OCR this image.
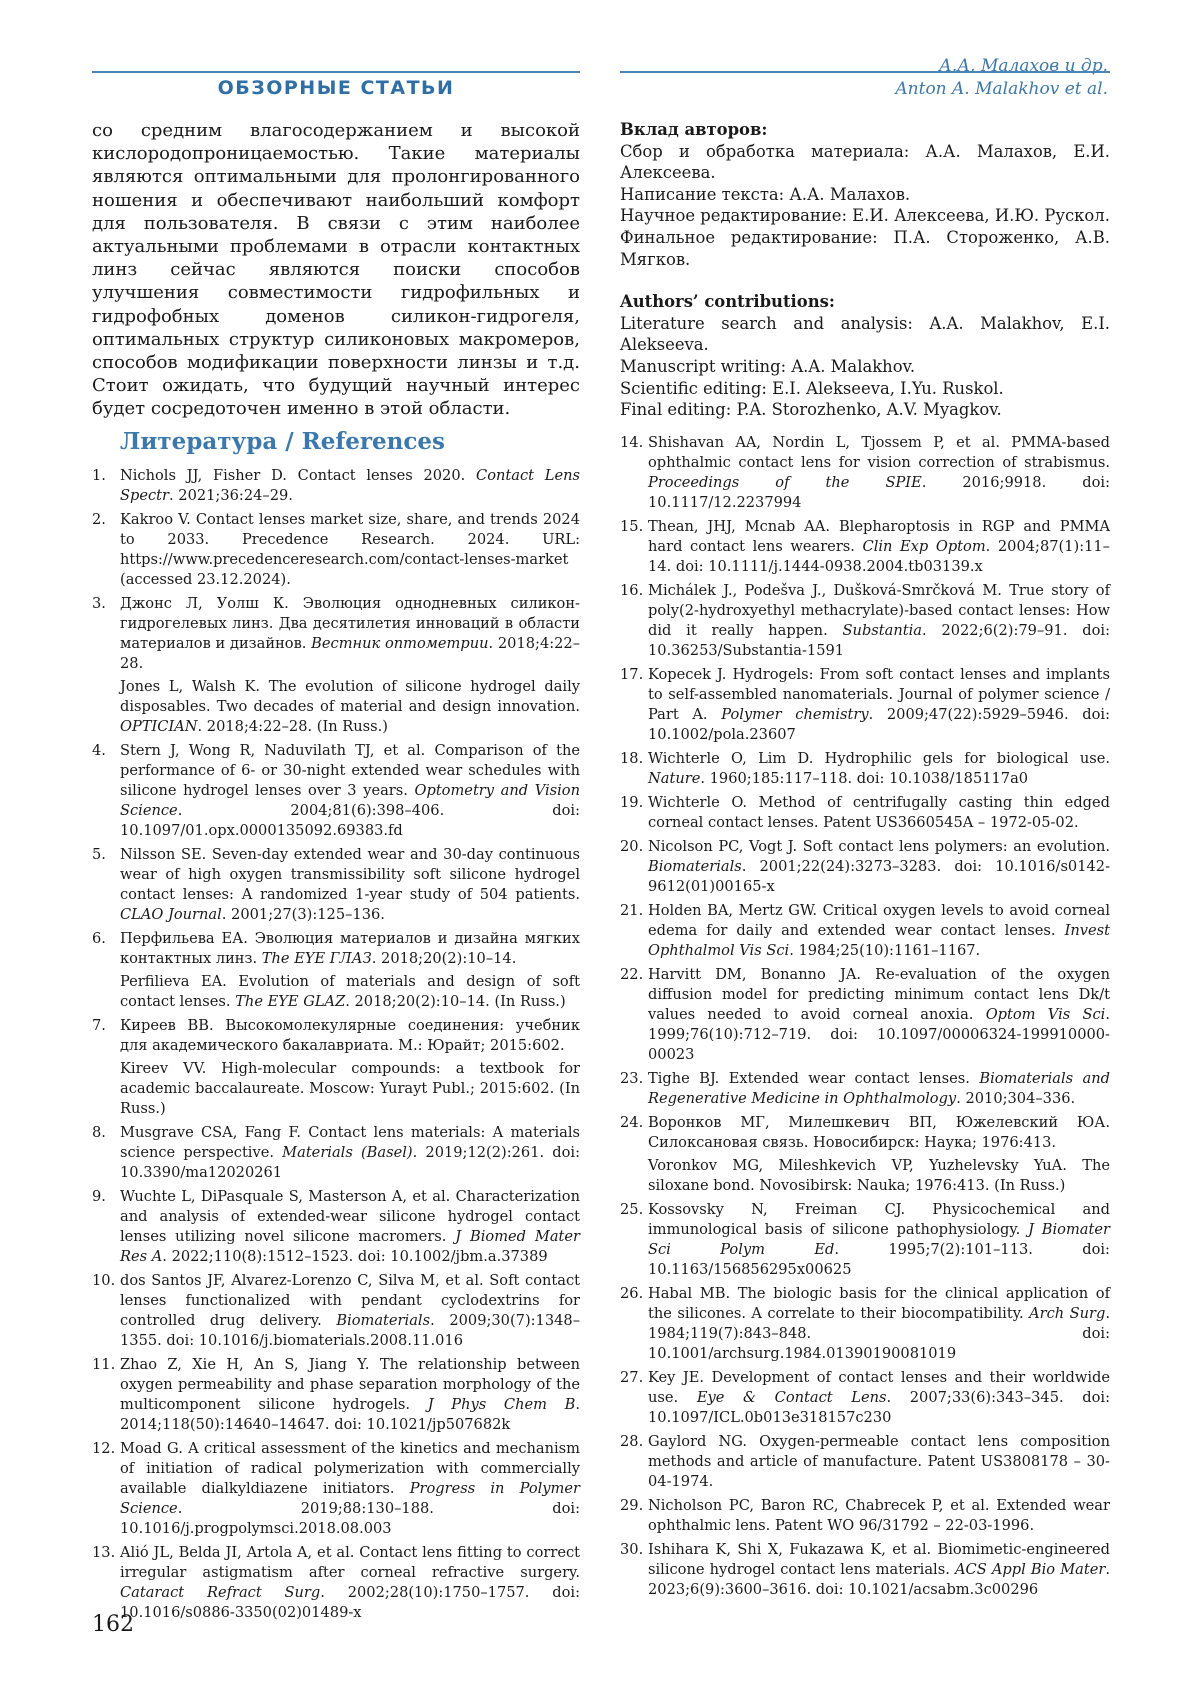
ОБЗОРНЫЕ СТАТЬИ
А.А. Малахов и др.
Anton A. Malakhov et al.

со средним влагосодержанием и высокой кислородопроницаемостью. Такие материалы являются оптимальными для пролонгированного ношения и обеспечивают наибольший комфорт для пользователя. В связи с этим наиболее актуальными проблемами в отрасли контактных линз сейчас являются поиски способов улучшения совместимости гидрофильных и гидрофобных доменов силикон-гидрогеля, оптимальных структур силиконовых макромеров, способов модификации поверхности линзы и т.д. Стоит ожидать, что будущий научный интерес будет сосредоточен именно в этой области.

Вклад авторов:
Сбор и обработка материала: А.А. Малахов, Е.И. Алексеева.
Написание текста: А.А. Малахов.
Научное редактирование: Е.И. Алексеева, И.Ю. Рускол.
Финальное редактирование: П.А. Стороженко, А.В. Мягков.
Authors’ contributions:
Literature search and analysis: A.A. Malakhov, E.I. Alekseeva.
Manuscript writing: A.A. Malakhov.
Scientific editing: E.I. Alekseeva, I.Yu. Ruskol.
Final editing: P.A. Storozhenko, A.V. Myagkov.
Литература / References
1. Nichols JJ, Fisher D. Contact lenses 2020. Contact Lens Spectr. 2021;36:24–29.
2. Kakroo V. Contact lenses market size, share, and trends 2024 to 2033. Precedence Research. 2024. URL: https://www.precedenceresearch.com/contact-lenses-market (accessed 23.12.2024).
3. Джонс Л, Уолш К. Эволюция однодневных силикон-гидрогелевых линз. Два десятилетия инноваций в области материалов и дизайнов. Вестник оптометрии. 2018;4:22–28.
Jones L, Walsh K. The evolution of silicone hydrogel daily disposables. Two decades of material and design innovation. OPTICIAN. 2018;4:22–28. (In Russ.)
4. Stern J, Wong R, Naduvilath TJ, et al. Comparison of the performance of 6- or 30-night extended wear schedules with silicone hydrogel lenses over 3 years. Optometry and Vision Science. 2004;81(6):398–406. doi: 10.1097/01.opx.0000135092.69383.fd
5. Nilsson SE. Seven-day extended wear and 30-day continuous wear of high oxygen transmissibility soft silicone hydrogel contact lenses: A randomized 1-year study of 504 patients. CLAO Journal. 2001;27(3):125–136.
6. Перфильева ЕА. Эволюция материалов и дизайна мягких контактных линз. The EYE ГЛАЗ. 2018;20(2):10–14.
Perfilieva EA. Evolution of materials and design of soft contact lenses. The EYE GLAZ. 2018;20(2):10–14. (In Russ.)
7. Киреев ВВ. Высокомолекулярные соединения: учебник для академического бакалавриата. М.: Юрайт; 2015:602.
Kireev VV. High-molecular compounds: a textbook for academic baccalaureate. Moscow: Yurayt Publ.; 2015:602. (In Russ.)
8. Musgrave CSA, Fang F. Contact lens materials: A materials science perspective. Materials (Basel). 2019;12(2):261. doi: 10.3390/ma12020261
9. Wuchte L, DiPasquale S, Masterson A, et al. Characterization and analysis of extended-wear silicone hydrogel contact lenses utilizing novel silicone macromers. J Biomed Mater Res A. 2022;110(8):1512–1523. doi: 10.1002/jbm.a.37389
10. dos Santos JF, Alvarez-Lorenzo C, Silva M, et al. Soft contact lenses functionalized with pendant cyclodextrins for controlled drug delivery. Biomaterials. 2009;30(7):1348–1355. doi: 10.1016/j.biomaterials.2008.11.016
11. Zhao Z, Xie H, An S, Jiang Y. The relationship between oxygen permeability and phase separation morphology of the multicomponent silicone hydrogels. J Phys Chem B. 2014;118(50):14640–14647. doi: 10.1021/jp507682k
12. Moad G. A critical assessment of the kinetics and mechanism of initiation of radical polymerization with commercially available dialkyldiazene initiators. Progress in Polymer Science. 2019;88:130–188. doi: 10.1016/j.progpolymsci.2018.08.003
13. Alió JL, Belda JI, Artola A, et al. Contact lens fitting to correct irregular astigmatism after corneal refractive surgery. Cataract Refract Surg. 2002;28(10):1750–1757. doi: 10.1016/s0886-3350(02)01489-x
14. Shishavan AA, Nordin L, Tjossem P, et al. PMMA-based ophthalmic contact lens for vision correction of strabismus. Proceedings of the SPIE. 2016;9918. doi: 10.1117/12.2237994
15. Thean, JHJ, Mcnab AA. Blepharoptosis in RGP and PMMA hard contact lens wearers. Clin Exp Optom. 2004;87(1):11–14. doi: 10.1111/j.1444-0938.2004.tb03139.x
16. Michálek J., Podešva J., Dušková-Smrčková M. True story of poly(2-hydroxyethyl methacrylate)-based contact lenses: How did it really happen. Substantia. 2022;6(2):79–91. doi: 10.36253/Substantia-1591
17. Kopecek J. Hydrogels: From soft contact lenses and implants to self-assembled nanomaterials. Journal of polymer science / Part A. Polymer chemistry. 2009;47(22):5929–5946. doi: 10.1002/pola.23607
18. Wichterle O, Lim D. Hydrophilic gels for biological use. Nature. 1960;185:117–118. doi: 10.1038/185117a0
19. Wichterle O. Method of centrifugally casting thin edged corneal contact lenses. Patent US3660545A – 1972-05-02.
20. Nicolson PC, Vogt J. Soft contact lens polymers: an evolution. Biomaterials. 2001;22(24):3273–3283. doi: 10.1016/s0142-9612(01)00165-x
21. Holden BA, Mertz GW. Critical oxygen levels to avoid corneal edema for daily and extended wear contact lenses. Invest Ophthalmol Vis Sci. 1984;25(10):1161–1167.
22. Harvitt DM, Bonanno JA. Re-evaluation of the oxygen diffusion model for predicting minimum contact lens Dk/t values needed to avoid corneal anoxia. Optom Vis Sci. 1999;76(10):712–719. doi: 10.1097/00006324-199910000-00023
23. Tighe BJ. Extended wear contact lenses. Biomaterials and Regenerative Medicine in Ophthalmology. 2010;304–336.
24. Воронков МГ, Милешкевич ВП, Южелевский ЮА. Силоксановая связь. Новосибирск: Наука; 1976:413.
Voronkov MG, Mileshkevich VP, Yuzhelevsky YuA. The siloxane bond. Novosibirsk: Nauka; 1976:413. (In Russ.)
25. Kossovsky N, Freiman CJ. Physicochemical and immunological basis of silicone pathophysiology. J Biomater Sci Polym Ed. 1995;7(2):101–113. doi: 10.1163/156856295x00625
26. Habal MB. The biologic basis for the clinical application of the silicones. A correlate to their biocompatibility. Arch Surg. 1984;119(7):843–848. doi: 10.1001/archsurg.1984.01390190081019
27. Key JE. Development of contact lenses and their worldwide use. Eye & Contact Lens. 2007;33(6):343–345. doi: 10.1097/ICL.0b013e318157c230
28. Gaylord NG. Oxygen-permeable contact lens composition methods and article of manufacture. Patent US3808178 – 30-04-1974.
29. Nicholson PC, Baron RC, Chabrecek P, et al. Extended wear ophthalmic lens. Patent WO 96/31792 – 22-03-1996.
30. Ishihara K, Shi X, Fukazawa K, et al. Biomimetic-engineered silicone hydrogel contact lens materials. ACS Appl Bio Mater. 2023;6(9):3600–3616. doi: 10.1021/acsabm.3c00296
162
